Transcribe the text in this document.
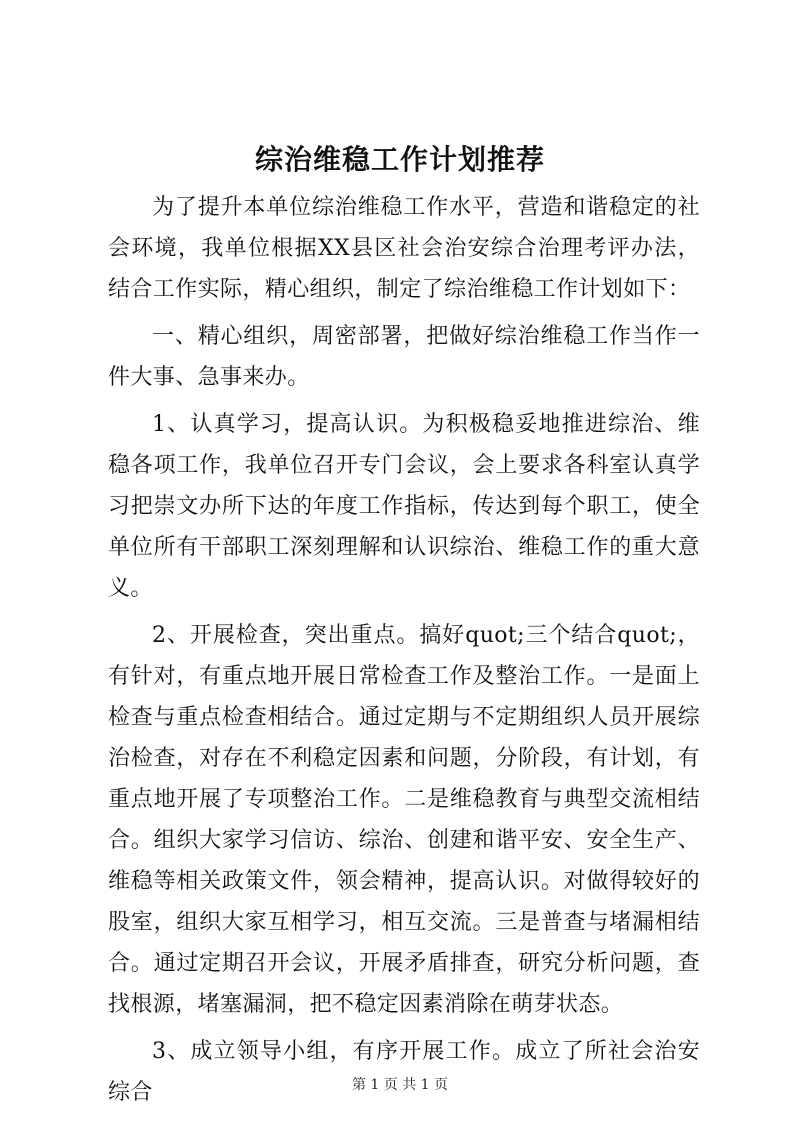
综治维稳工作计划推荐

为了提升本单位综治维稳工作水平，营造和谐稳定的社会环境，我单位根据XX县区社会治安综合治理考评办法，结合工作实际，精心组织，制定了综治维稳工作计划如下：

一、精心组织，周密部署，把做好综治维稳工作当作一件大事、急事来办。

1、认真学习，提高认识。为积极稳妥地推进综治、维稳各项工作，我单位召开专门会议，会上要求各科室认真学习把崇文办所下达的年度工作指标，传达到每个职工，使全单位所有干部职工深刻理解和认识综治、维稳工作的重大意义。

2、开展检查，突出重点。搞好quot;三个结合quot;，有针对，有重点地开展日常检查工作及整治工作。一是面上检查与重点检查相结合。通过定期与不定期组织人员开展综治检查，对存在不利稳定因素和问题，分阶段，有计划，有重点地开展了专项整治工作。二是维稳教育与典型交流相结合。组织大家学习信访、综治、创建和谐平安、安全生产、维稳等相关政策文件，领会精神，提高认识。对做得较好的股室，组织大家互相学习，相互交流。三是普查与堵漏相结合。通过定期召开会议，开展矛盾排查，研究分析问题，查找根源，堵塞漏洞，把不稳定因素消除在萌芽状态。

3、成立领导小组，有序开展工作。成立了所社会治安综合	第 1 页 共 1 页
